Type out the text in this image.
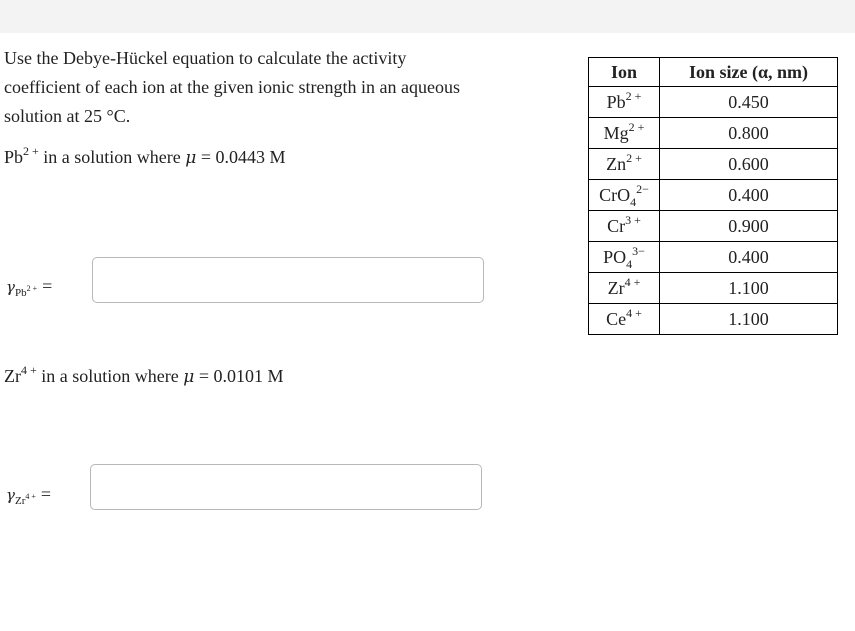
Use the Debye-Hückel equation to calculate the activity coefficient of each ion at the given ionic strength in an aqueous solution at 25 °C.
$Pb^{2 +}$ in a solution where μ = 0.0443 M
$\gamma_{Pb^{2 +}}$ =
$Zr^{4 +}$ in a solution where μ = 0.0101 M
$\gamma_{Zr^{4 +}}$ =
Ion	Ion size (α, nm)
$Pb^{2 +}$	0.450
$Mg^{2 +}$	0.800
$Zn^{2 +}$	0.600
CrO$_4^{2-}$	0.400
$Cr^{3 +}$	0.900
$PO_4^{3-}$	0.400
$Zr^{4 +}$	1.100
$Ce^{4 +}$	1.100
